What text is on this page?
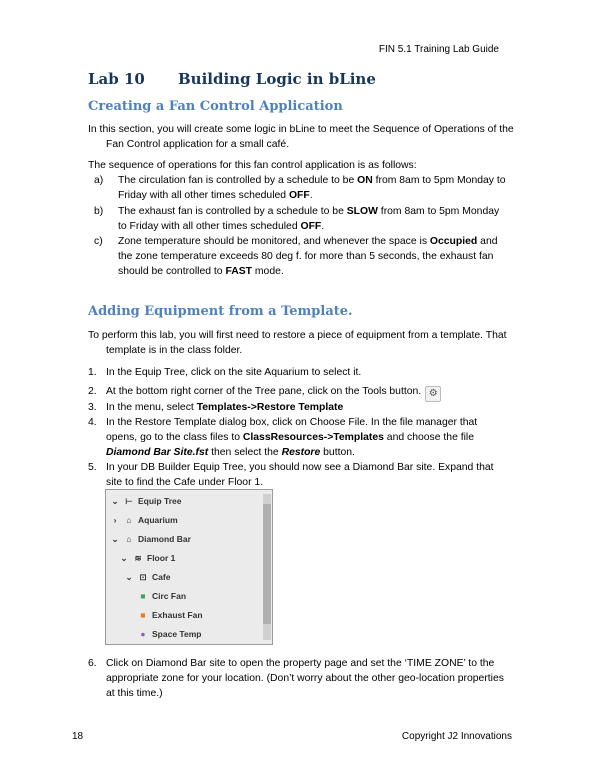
FIN 5.1 Training Lab Guide
Lab 10 Building Logic in bLine
Creating a Fan Control Application
In this section, you will create some logic in bLine to meet the Sequence of Operations of the Fan Control application for a small café.
The sequence of operations for this fan control application is as follows:
a) The circulation fan is controlled by a schedule to be ON from 8am to 5pm Monday to Friday with all other times scheduled OFF.
b) The exhaust fan is controlled by a schedule to be SLOW from 8am to 5pm Monday to Friday with all other times scheduled OFF.
c) Zone temperature should be monitored, and whenever the space is Occupied and the zone temperature exceeds 80 deg f. for more than 5 seconds, the exhaust fan should be controlled to FAST mode.
Adding Equipment from a Template.
To perform this lab, you will first need to restore a piece of equipment from a template. That template is in the class folder.
1. In the Equip Tree, click on the site Aquarium to select it.
2. At the bottom right corner of the Tree pane, click on the Tools button. ⚙
3. In the menu, select Templates->Restore Template
4. In the Restore Template dialog box, click on Choose File. In the file manager that opens, go to the class files to ClassResources->Templates and choose the file
Diamond Bar Site.fst then select the Restore button.
5. In your DB Builder Equip Tree, you should now see a Diamond Bar site. Expand that site to find the Cafe under Floor 1.
⌄ ⊢ Equip Tree
› ⌂ Aquarium
⌄ ⌂ Diamond Bar
⌄ ≋ Floor 1
⌄ ⊡ Cafe
■ Circ Fan
■ Exhaust Fan
● Space Temp
6. Click on Diamond Bar site to open the property page and set the ‘TIME ZONE’ to the appropriate zone for your location. (Don’t worry about the other geo-location properties at this time.)
18	Copyright J2 Innovations
